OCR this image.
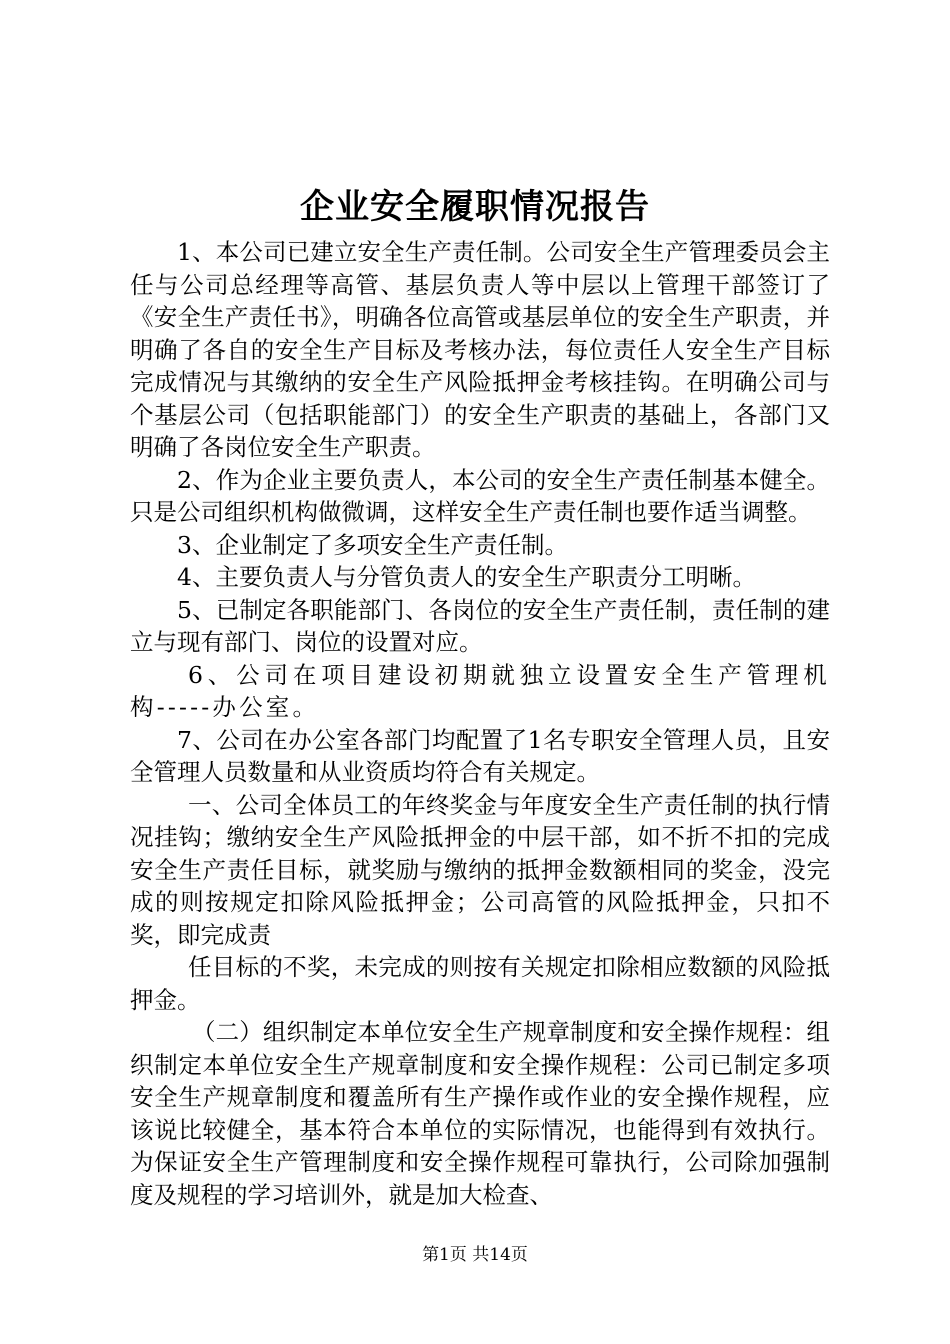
企业安全履职情况报告

1、本公司已建立安全生产责任制。公司安全生产管理委员会主任与公司总经理等高管、基层负责人等中层以上管理干部签订了《安全生产责任书》，明确各位高管或基层单位的安全生产职责，并明确了各自的安全生产目标及考核办法，每位责任人安全生产目标完成情况与其缴纳的安全生产风险抵押金考核挂钩。在明确公司与个基层公司（包括职能部门）的安全生产职责的基础上，各部门又明确了各岗位安全生产职责。

2、作为企业主要负责人，本公司的安全生产责任制基本健全。只是公司组织机构做微调，这样安全生产责任制也要作适当调整。

3、企业制定了多项安全生产责任制。

4、主要负责人与分管负责人的安全生产职责分工明晰。

5、已制定各职能部门、各岗位的安全生产责任制，责任制的建立与现有部门、岗位的设置对应。

6、公司在项目建设初期就独立设置安全生产管理机构-----办公室。

7、公司在办公室各部门均配置了1名专职安全管理人员，且安全管理人员数量和从业资质均符合有关规定。

一、公司全体员工的年终奖金与年度安全生产责任制的执行情况挂钩；缴纳安全生产风险抵押金的中层干部，如不折不扣的完成安全生产责任目标，就奖励与缴纳的抵押金数额相同的奖金，没完成的则按规定扣除风险抵押金；公司高管的风险抵押金，只扣不奖，即完成责

任目标的不奖，未完成的则按有关规定扣除相应数额的风险抵押金。

（二）组织制定本单位安全生产规章制度和安全操作规程：组织制定本单位安全生产规章制度和安全操作规程：公司已制定多项安全生产规章制度和覆盖所有生产操作或作业的安全操作规程，应该说比较健全，基本符合本单位的实际情况，也能得到有效执行。为保证安全生产管理制度和安全操作规程可靠执行，公司除加强制度及规程的学习培训外，就是加大检查、

第1页 共14页
